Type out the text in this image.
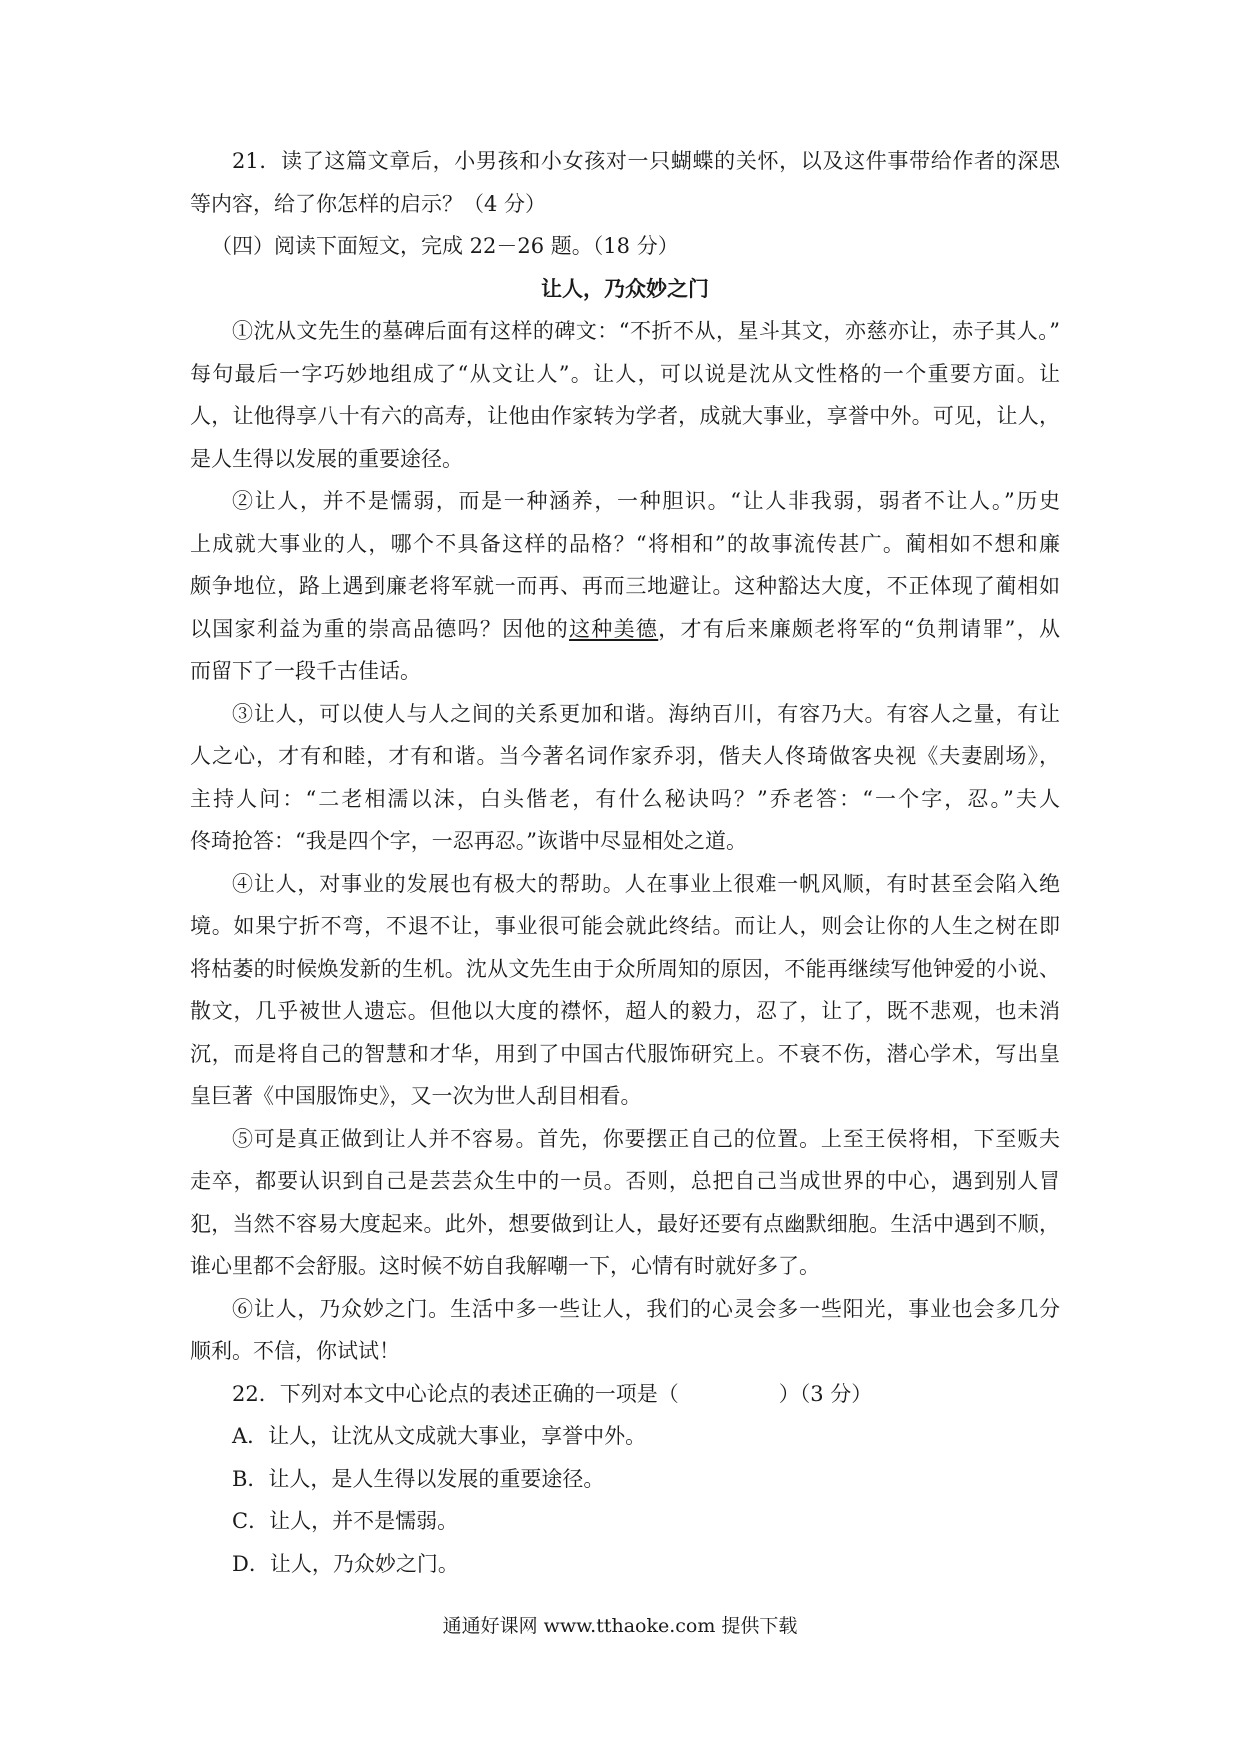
21．读了这篇文章后，小男孩和小女孩对一只蝴蝶的关怀，以及这件事带给作者的深思
等内容，给了你怎样的启示？（4 分）
（四）阅读下面短文，完成 22－26 题。（18 分）
让人，乃众妙之门
①沈从文先生的墓碑后面有这样的碑文：“不折不从，星斗其文，亦慈亦让，赤子其人。”
每句最后一字巧妙地组成了“从文让人”。让人，可以说是沈从文性格的一个重要方面。让
人，让他得享八十有六的高寿，让他由作家转为学者，成就大事业，享誉中外。可见，让人，
是人生得以发展的重要途径。
②让人，并不是懦弱，而是一种涵养，一种胆识。“让人非我弱，弱者不让人。”历史
上成就大事业的人，哪个不具备这样的品格？“将相和”的故事流传甚广。蔺相如不想和廉
颇争地位，路上遇到廉老将军就一而再、再而三地避让。这种豁达大度，不正体现了蔺相如
以国家利益为重的崇高品德吗？因他的这种美德，才有后来廉颇老将军的“负荆请罪”，从
而留下了一段千古佳话。
③让人，可以使人与人之间的关系更加和谐。海纳百川，有容乃大。有容人之量，有让
人之心，才有和睦，才有和谐。当今著名词作家乔羽，偕夫人佟琦做客央视《夫妻剧场》，
主持人问：“二老相濡以沫，白头偕老，有什么秘诀吗？”乔老答：“一个字，忍。”夫人
佟琦抢答：“我是四个字，一忍再忍。”诙谐中尽显相处之道。
④让人，对事业的发展也有极大的帮助。人在事业上很难一帆风顺，有时甚至会陷入绝
境。如果宁折不弯，不退不让，事业很可能会就此终结。而让人，则会让你的人生之树在即
将枯萎的时候焕发新的生机。沈从文先生由于众所周知的原因，不能再继续写他钟爱的小说、
散文，几乎被世人遗忘。但他以大度的襟怀，超人的毅力，忍了，让了，既不悲观，也未消
沉，而是将自己的智慧和才华，用到了中国古代服饰研究上。不衰不伤，潜心学术，写出皇
皇巨著《中国服饰史》，又一次为世人刮目相看。
⑤可是真正做到让人并不容易。首先，你要摆正自己的位置。上至王侯将相，下至贩夫
走卒，都要认识到自己是芸芸众生中的一员。否则，总把自己当成世界的中心，遇到别人冒
犯，当然不容易大度起来。此外，想要做到让人，最好还要有点幽默细胞。生活中遇到不顺，
谁心里都不会舒服。这时候不妨自我解嘲一下，心情有时就好多了。
⑥让人，乃众妙之门。生活中多一些让人，我们的心灵会多一些阳光，事业也会多几分
顺利。不信，你试试！
22．下列对本文中心论点的表述正确的一项是（	）（3 分）
A．让人，让沈从文成就大事业，享誉中外。
B．让人，是人生得以发展的重要途径。
C．让人，并不是懦弱。
D．让人，乃众妙之门。
通通好课网 www.tthaoke.com 提供下载
